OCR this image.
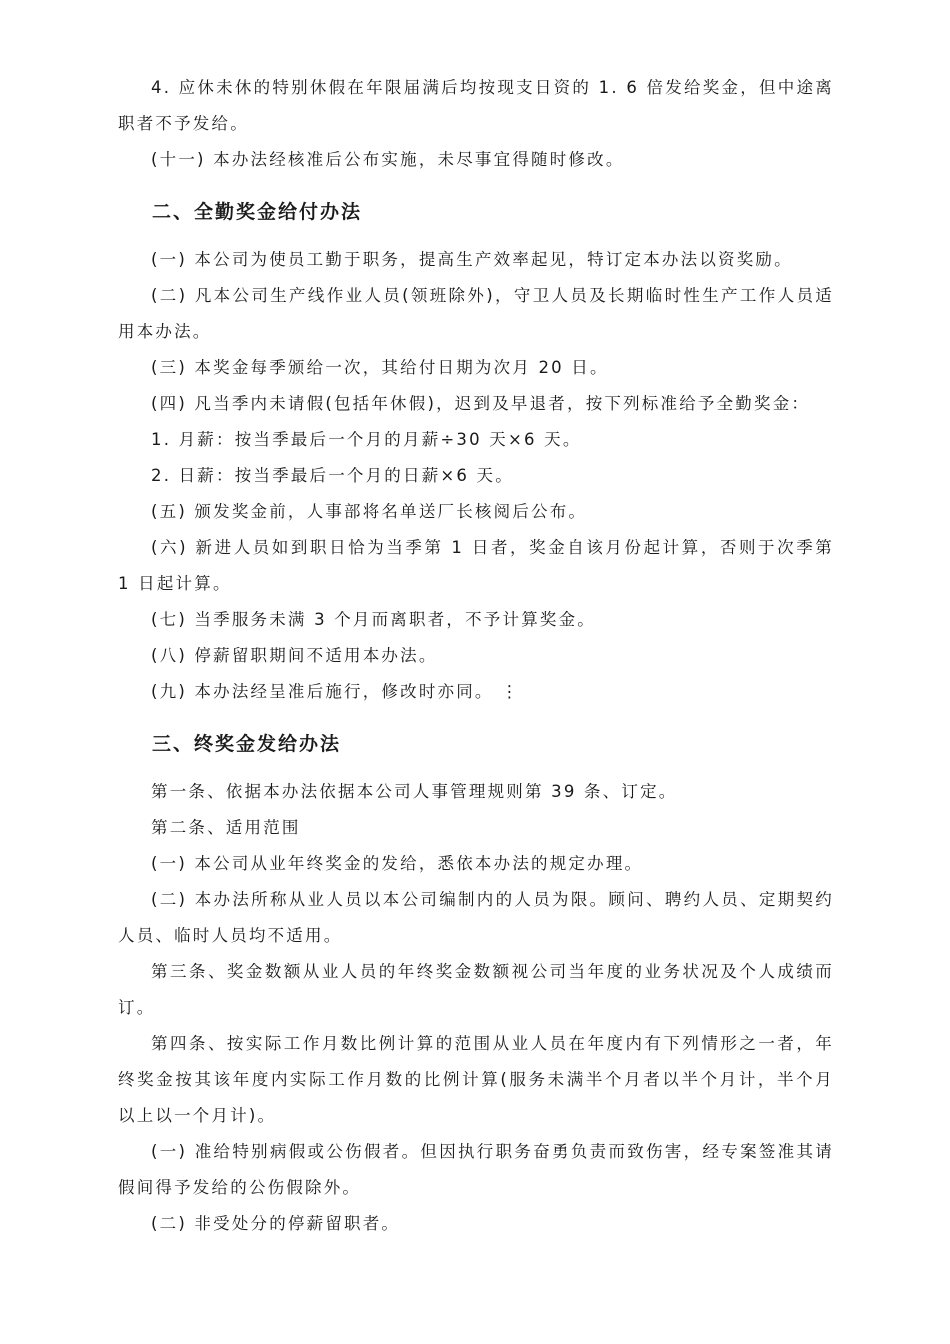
4. 应休未休的特别休假在年限届满后均按现支日资的 1. 6 倍发给奖金，但中途离职者不予发给。

(十一) 本办法经核准后公布实施，未尽事宜得随时修改。

二、全勤奖金给付办法

(一) 本公司为使员工勤于职务，提高生产效率起见，特订定本办法以资奖励。

(二) 凡本公司生产线作业人员(领班除外)，守卫人员及长期临时性生产工作人员适用本办法。

(三) 本奖金每季颁给一次，其给付日期为次月 20 日。

(四) 凡当季内未请假(包括年休假)，迟到及早退者，按下列标准给予全勤奖金：

1. 月薪：按当季最后一个月的月薪÷30 天×6 天。

2. 日薪：按当季最后一个月的日薪×6 天。

(五) 颁发奖金前，人事部将名单送厂长核阅后公布。

(六) 新进人员如到职日恰为当季第 1 日者，奖金自该月份起计算，否则于次季第 1 日起计算。

(七) 当季服务未满 3 个月而离职者，不予计算奖金。

(八) 停薪留职期间不适用本办法。

(九) 本办法经呈准后施行，修改时亦同。 ⋮

三、终奖金发给办法

第一条、依据本办法依据本公司人事管理规则第 39 条、订定。

第二条、适用范围

(一) 本公司从业年终奖金的发给，悉依本办法的规定办理。

(二) 本办法所称从业人员以本公司编制内的人员为限。顾问、聘约人员、定期契约人员、临时人员均不适用。

第三条、奖金数额从业人员的年终奖金数额视公司当年度的业务状况及个人成绩而订。

第四条、按实际工作月数比例计算的范围从业人员在年度内有下列情形之一者，年终奖金按其该年度内实际工作月数的比例计算(服务未满半个月者以半个月计，半个月以上以一个月计)。

(一) 准给特别病假或公伤假者。但因执行职务奋勇负责而致伤害，经专案签准其请假间得予发给的公伤假除外。

(二) 非受处分的停薪留职者。
